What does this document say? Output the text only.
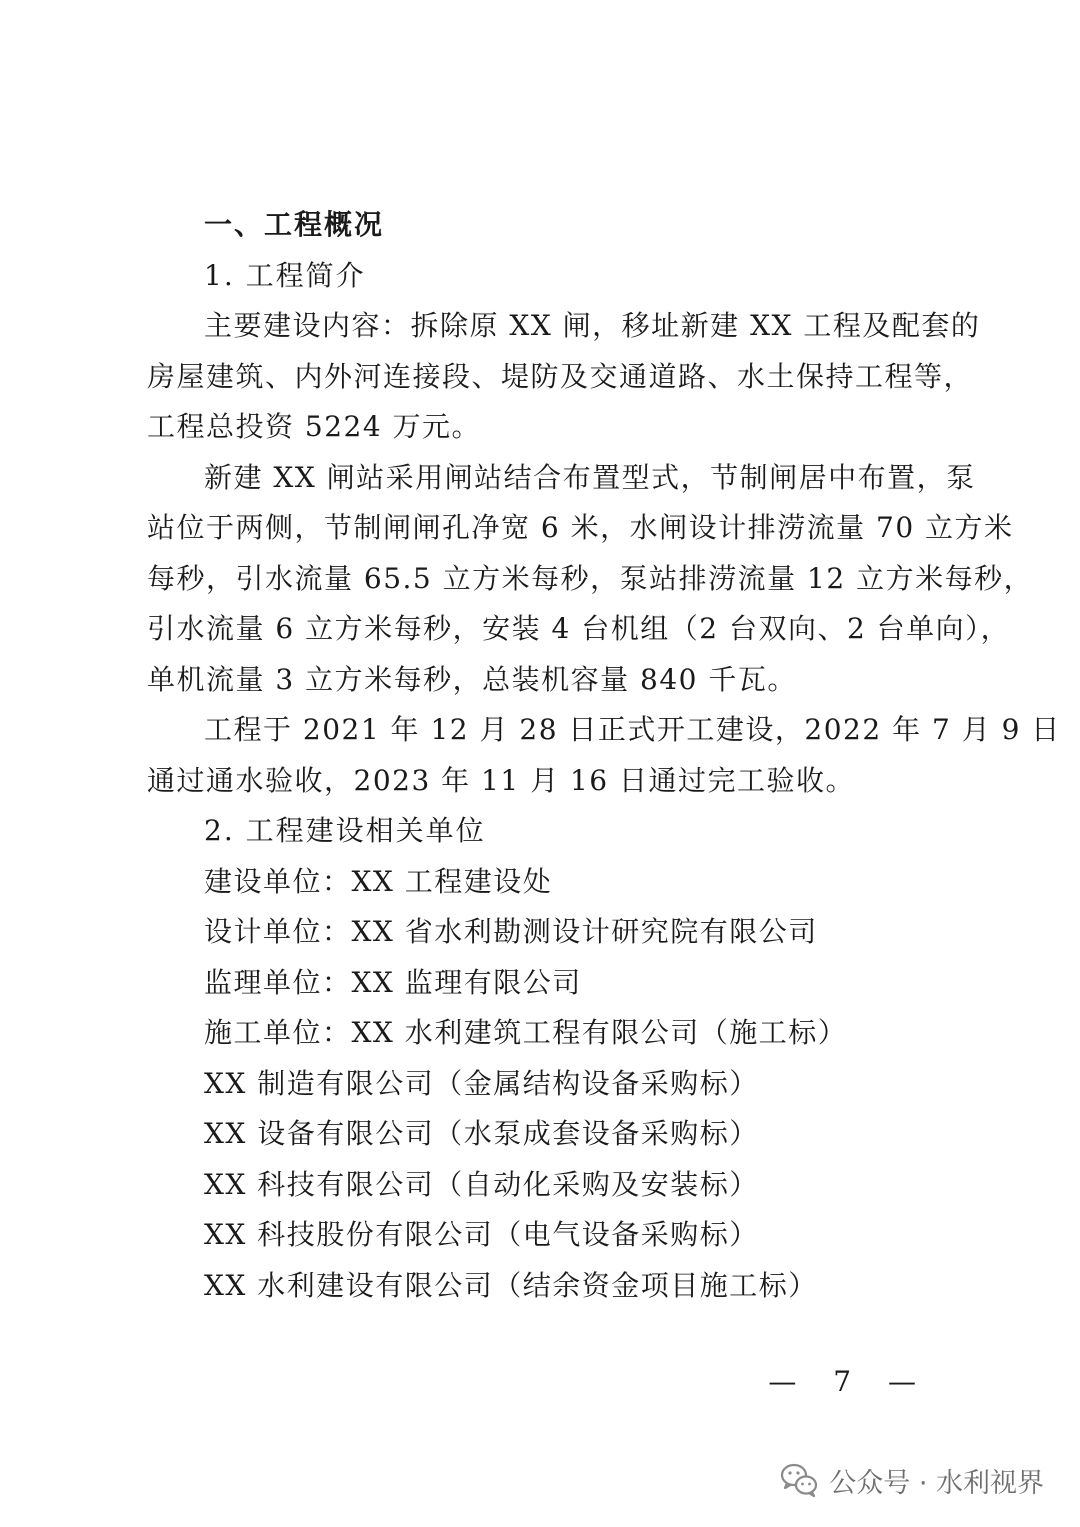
一、工程概况
1. 工程简介
主要建设内容：拆除原 XX 闸，移址新建 XX 工程及配套的
房屋建筑、内外河连接段、堤防及交通道路、水土保持工程等，
工程总投资 5224 万元。
新建 XX 闸站采用闸站结合布置型式，节制闸居中布置，泵
站位于两侧，节制闸闸孔净宽 6 米，水闸设计排涝流量 70 立方米
每秒，引水流量 65.5 立方米每秒，泵站排涝流量 12 立方米每秒，
引水流量 6 立方米每秒，安装 4 台机组（2 台双向、2 台单向），
单机流量 3 立方米每秒，总装机容量 840 千瓦。
工程于 2021 年 12 月 28 日正式开工建设，2022 年 7 月 9 日
通过通水验收，2023 年 11 月 16 日通过完工验收。
2. 工程建设相关单位
建设单位：XX 工程建设处
设计单位：XX 省水利勘测设计研究院有限公司
监理单位：XX 监理有限公司
施工单位：XX 水利建筑工程有限公司（施工标）
XX 制造有限公司（金属结构设备采购标）
XX 设备有限公司（水泵成套设备采购标）
XX 科技有限公司（自动化采购及安装标）
XX 科技股份有限公司（电气设备采购标）
XX 水利建设有限公司（结余资金项目施工标）
— 7 —
公众号 · 水利视界
